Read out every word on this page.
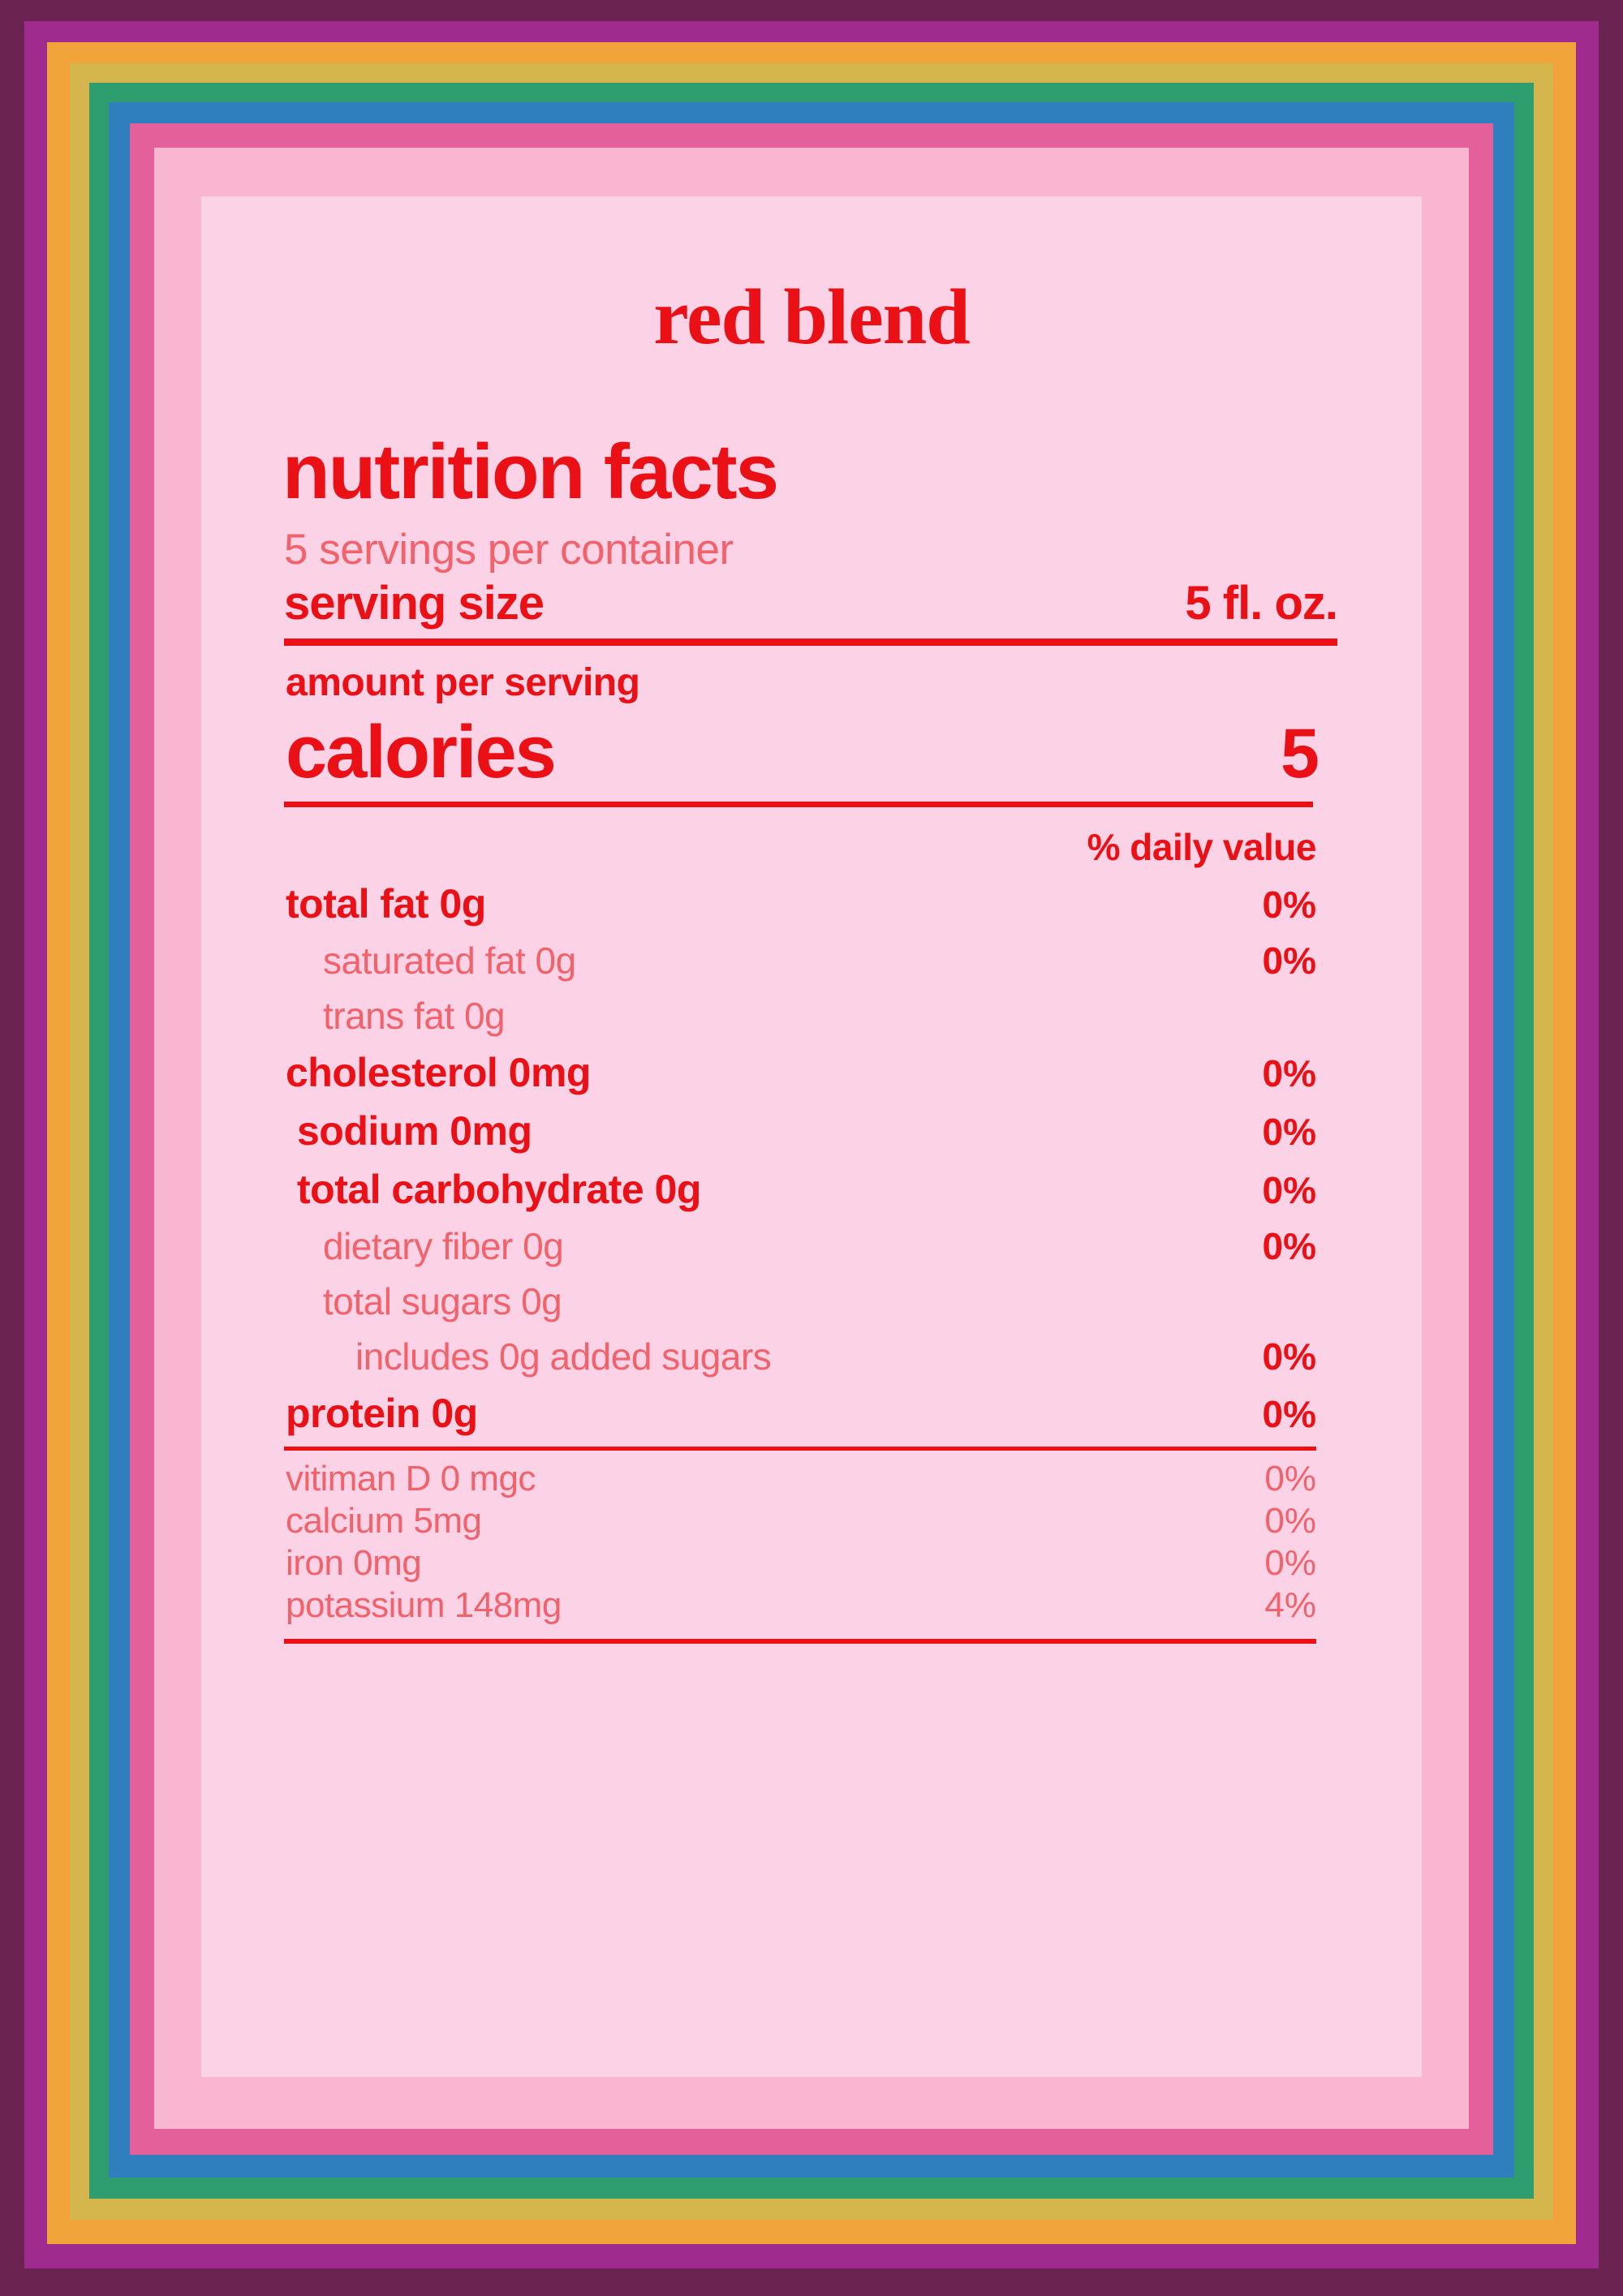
red blend
nutrition facts
5 servings per container
serving size	5 fl. oz.
amount per serving
calories	5
% daily value
total fat 0g	0%
saturated fat 0g	0%
trans fat 0g
cholesterol 0mg	0%
sodium 0mg	0%
total carbohydrate 0g	0%
dietary fiber 0g	0%
total sugars 0g
includes 0g added sugars	0%
protein 0g	0%
vitiman D 0 mgc	0%
calcium 5mg	0%
iron 0mg	0%
potassium 148mg	4%
